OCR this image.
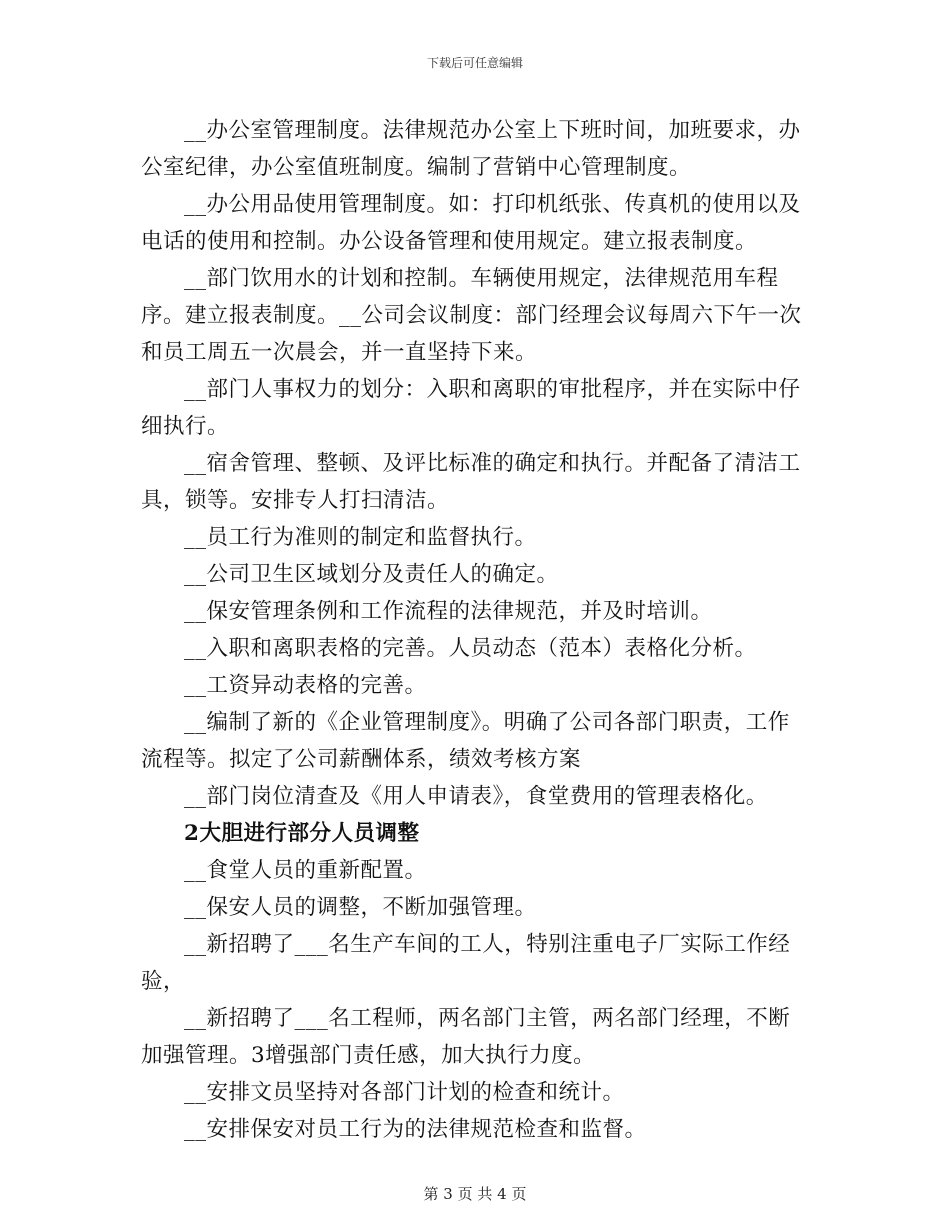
下载后可任意编辑

__办公室管理制度。法律规范办公室上下班时间，加班要求，办公室纪律，办公室值班制度。编制了营销中心管理制度。

__办公用品使用管理制度。如：打印机纸张、传真机的使用以及电话的使用和控制。办公设备管理和使用规定。建立报表制度。

__部门饮用水的计划和控制。车辆使用规定，法律规范用车程序。建立报表制度。__公司会议制度：部门经理会议每周六下午一次和员工周五一次晨会，并一直坚持下来。

__部门人事权力的划分：入职和离职的审批程序，并在实际中仔细执行。

__宿舍管理、整顿、及评比标准的确定和执行。并配备了清洁工具，锁等。安排专人打扫清洁。

__员工行为准则的制定和监督执行。

__公司卫生区域划分及责任人的确定。

__保安管理条例和工作流程的法律规范，并及时培训。

__入职和离职表格的完善。人员动态（范本）表格化分析。

__工资异动表格的完善。

__编制了新的《企业管理制度》。明确了公司各部门职责，工作流程等。拟定了公司薪酬体系，绩效考核方案

__部门岗位清查及《用人申请表》，食堂费用的管理表格化。

2大胆进行部分人员调整

__食堂人员的重新配置。

__保安人员的调整，不断加强管理。

__新招聘了___名生产车间的工人，特别注重电子厂实际工作经验，

__新招聘了___名工程师，两名部门主管，两名部门经理，不断加强管理。3增强部门责任感，加大执行力度。

__安排文员坚持对各部门计划的检查和统计。

__安排保安对员工行为的法律规范检查和监督。

第 3 页 共 4 页
